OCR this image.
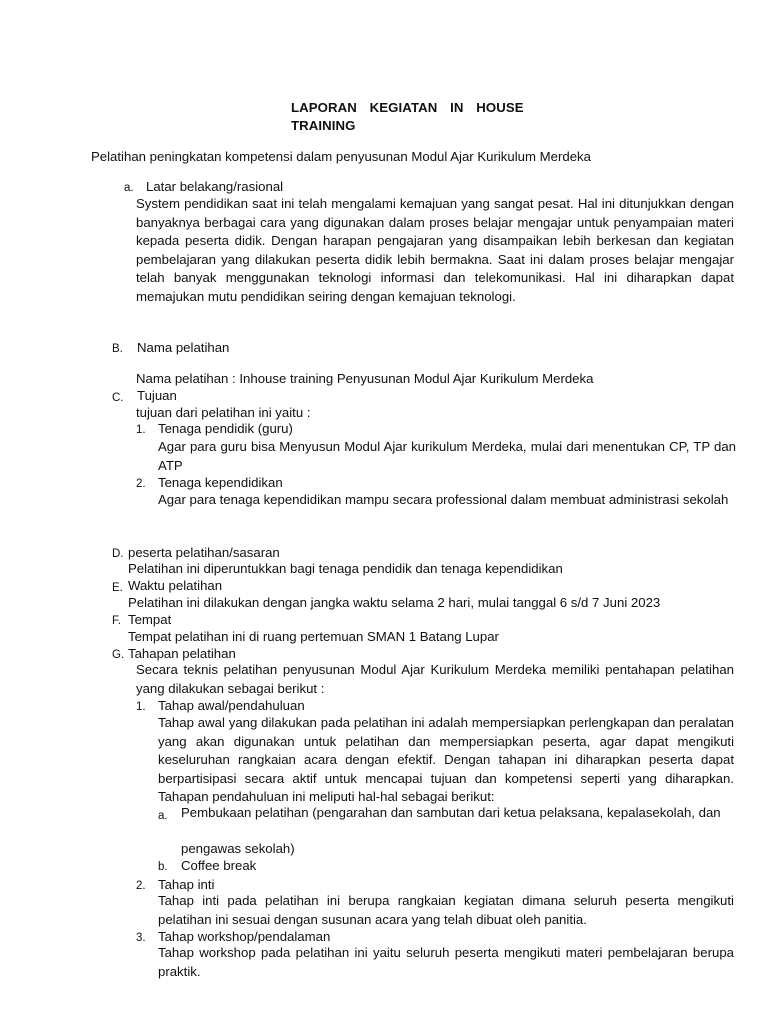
LAPORAN KEGIATAN IN HOUSE
TRAINING
Pelatihan peningkatan kompetensi dalam penyusunan Modul Ajar Kurikulum Merdeka
a. Latar belakang/rasional
System pendidikan saat ini telah mengalami kemajuan yang sangat pesat. Hal ini ditunjukkan dengan banyaknya berbagai cara yang digunakan dalam proses belajar mengajar untuk penyampaian materi kepada peserta didik. Dengan harapan pengajaran yang disampaikan lebih berkesan dan kegiatan pembelajaran yang dilakukan peserta didik lebih bermakna. Saat ini dalam proses belajar mengajar telah banyak menggunakan teknologi informasi dan telekomunikasi. Hal ini diharapkan dapat memajukan mutu pendidikan seiring dengan kemajuan teknologi.
B. Nama pelatihan
Nama pelatihan : Inhouse training Penyusunan Modul Ajar Kurikulum Merdeka
C. Tujuan
tujuan dari pelatihan ini yaitu :
1. Tenaga pendidik (guru)
Agar para guru bisa Menyusun Modul Ajar kurikulum Merdeka, mulai dari menentukan CP, TP dan ATP
2. Tenaga kependidikan
Agar para tenaga kependidikan mampu secara professional dalam membuat administrasi sekolah
D. peserta pelatihan/sasaran
Pelatihan ini diperuntukkan bagi tenaga pendidik dan tenaga kependidikan
E. Waktu pelatihan
Pelatihan ini dilakukan dengan jangka waktu selama 2 hari, mulai tanggal 6 s/d 7 Juni 2023
F. Tempat
Tempat pelatihan ini di ruang pertemuan SMAN 1 Batang Lupar
G. Tahapan pelatihan
Secara teknis pelatihan penyusunan Modul Ajar Kurikulum Merdeka memiliki pentahapan pelatihan yang dilakukan sebagai berikut :
1. Tahap awal/pendahuluan
Tahap awal yang dilakukan pada pelatihan ini adalah mempersiapkan perlengkapan dan peralatan yang akan digunakan untuk pelatihan dan mempersiapkan peserta, agar dapat mengikuti keseluruhan rangkaian acara dengan efektif. Dengan tahapan ini diharapkan peserta dapat berpartisipasi secara aktif untuk mencapai tujuan dan kompetensi seperti yang diharapkan. Tahapan pendahuluan ini meliputi hal-hal sebagai berikut:
a. Pembukaan pelatihan (pengarahan dan sambutan dari ketua pelaksana, kepalasekolah, dan
pengawas sekolah)
b. Coffee break
2. Tahap inti
Tahap inti pada pelatihan ini berupa rangkaian kegiatan dimana seluruh peserta mengikuti pelatihan ini sesuai dengan susunan acara yang telah dibuat oleh panitia.
3. Tahap workshop/pendalaman
Tahap workshop pada pelatihan ini yaitu seluruh peserta mengikuti materi pembelajaran berupa praktik.
